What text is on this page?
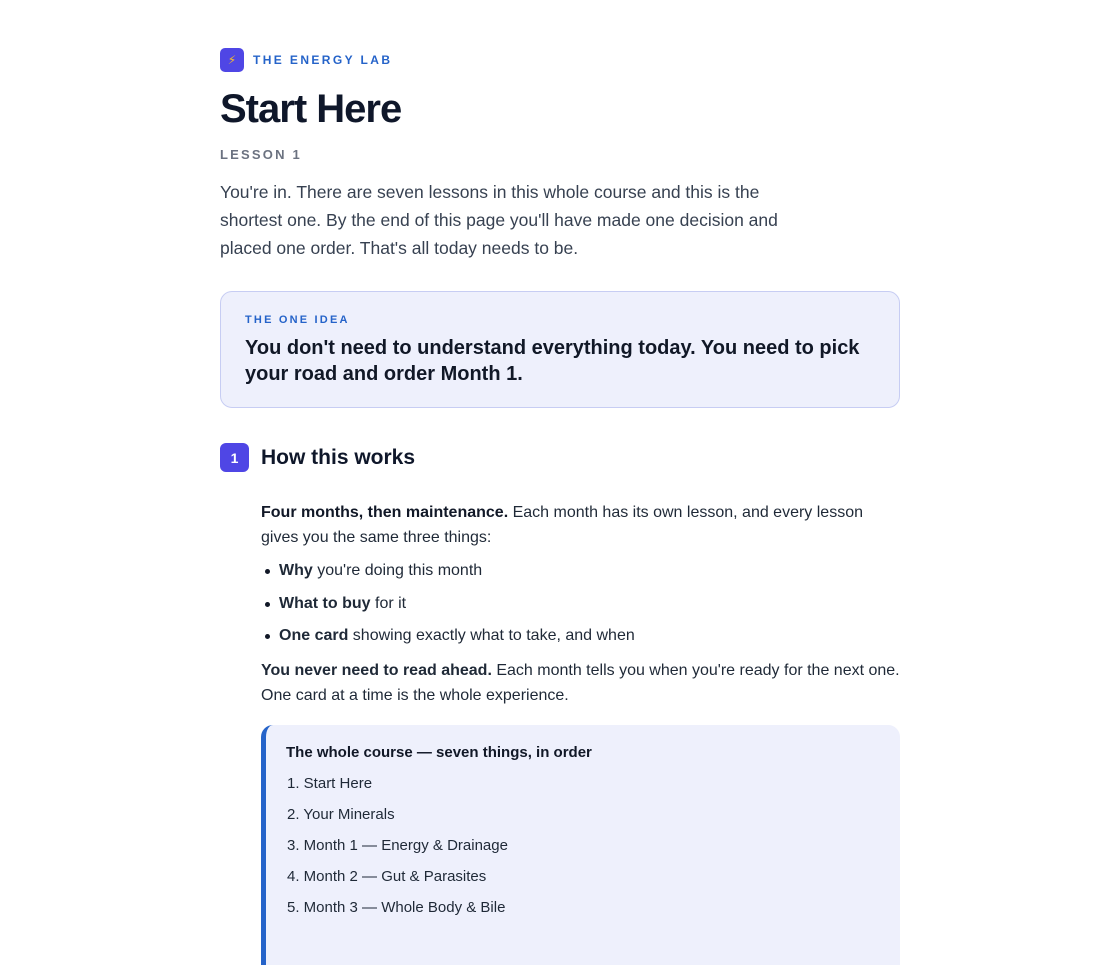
⚡	THE ENERGY LAB
Start Here
LESSON 1

You're in. There are seven lessons in this whole course and this is the shortest one. By the end of this page you'll have made one decision and placed one order. That's all today needs to be.

THE ONE IDEA
You don't need to understand everything today. You need to pick your road and order Month 1.
1	How this works
Four months, then maintenance. Each month has its own lesson, and every lesson gives you the same three things:
Why you're doing this month
What to buy for it
One card showing exactly what to take, and when
You never need to read ahead. Each month tells you when you're ready for the next one. One card at a time is the whole experience.
The whole course — seven things, in order
1. Start Here
2. Your Minerals
3. Month 1 — Energy & Drainage
4. Month 2 — Gut & Parasites
5. Month 3 — Whole Body & Bile
